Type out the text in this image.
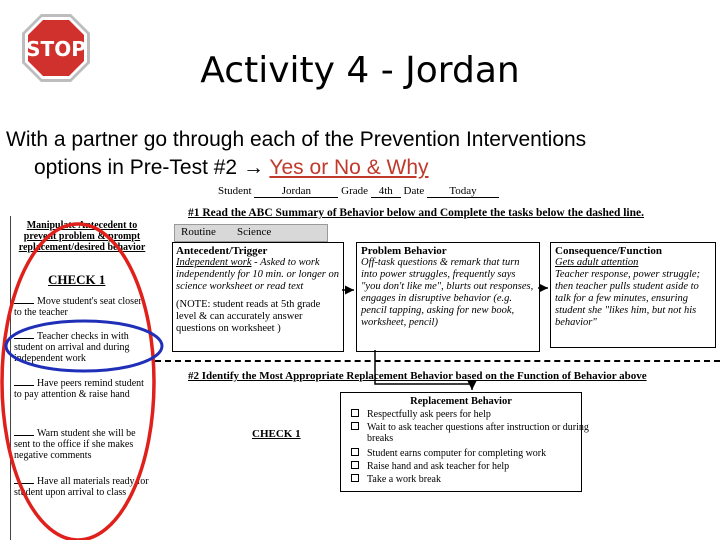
STOP
Activity 4 - Jordan
With a partner go through each of the Prevention Interventions
options in Pre-Test #2 → Yes or No & Why
Student	Jordan	Grade 4th Date Today
#1 Read the ABC Summary of Behavior below and Complete the tasks below the dashed line.
Manipulate Antecedent to prevent problem & prompt replacement/desired behavior
CHECK 1
Move student's seat closer to the teacher
Teacher checks in with student on arrival and during independent work
Have peers remind student to pay attention & raise hand
Warn student she will be sent to the office if she makes negative comments
Have all materials ready for student upon arrival to class
Routine Science
Antecedent/Trigger
Independent work - Asked to work independently for 10 min. or longer on science worksheet or read text
(NOTE: student reads at 5th grade level & can accurately answer questions on worksheet )
Problem Behavior
Off-task questions & remark that turn into power struggles, frequently says "you don't like me", blurts out responses, engages in disruptive behavior (e.g. pencil tapping, asking for new book, worksheet, pencil)
Consequence/Function
Gets adult attention
Teacher response, power struggle; then teacher pulls student aside to talk for a few minutes, ensuring student she "likes him, but not his behavior"
#2 Identify the Most Appropriate Replacement Behavior based on the Function of Behavior above
CHECK 1
Replacement Behavior
Respectfully ask peers for help
Wait to ask teacher questions after instruction or during breaks
Student earns computer for completing work
Raise hand and ask teacher for help
Take a work break
